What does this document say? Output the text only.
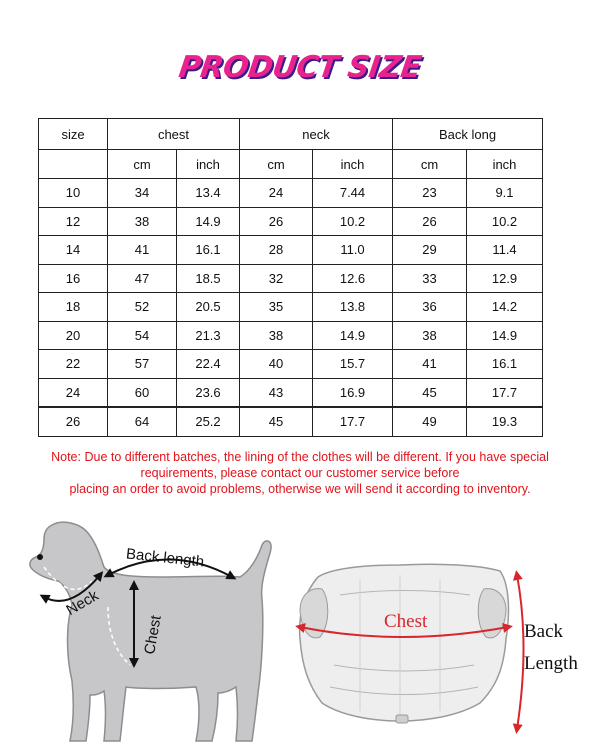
PRODUCT SIZE
size	chest		neck		Back long	
	cm	inch	cm	inch	cm	inch
10	34	13.4	24	7.44	23	9.1
12	38	14.9	26	10.2	26	10.2
14	41	16.1	28	11.0	29	11.4
16	47	18.5	32	12.6	33	12.9
18	52	20.5	35	13.8	36	14.2
20	54	21.3	38	14.9	38	14.9
22	57	22.4	40	15.7	41	16.1
24	60	23.6	43	16.9	45	17.7
26	64	25.2	45	17.7	49	19.3
Note: Due to different batches, the lining of the clothes will be different. If you have special
requirements, please contact our customer service before
placing an order to avoid problems, otherwise we will send it according to inventory.
Back length
Neck
Chest	Chest	Back
Length
